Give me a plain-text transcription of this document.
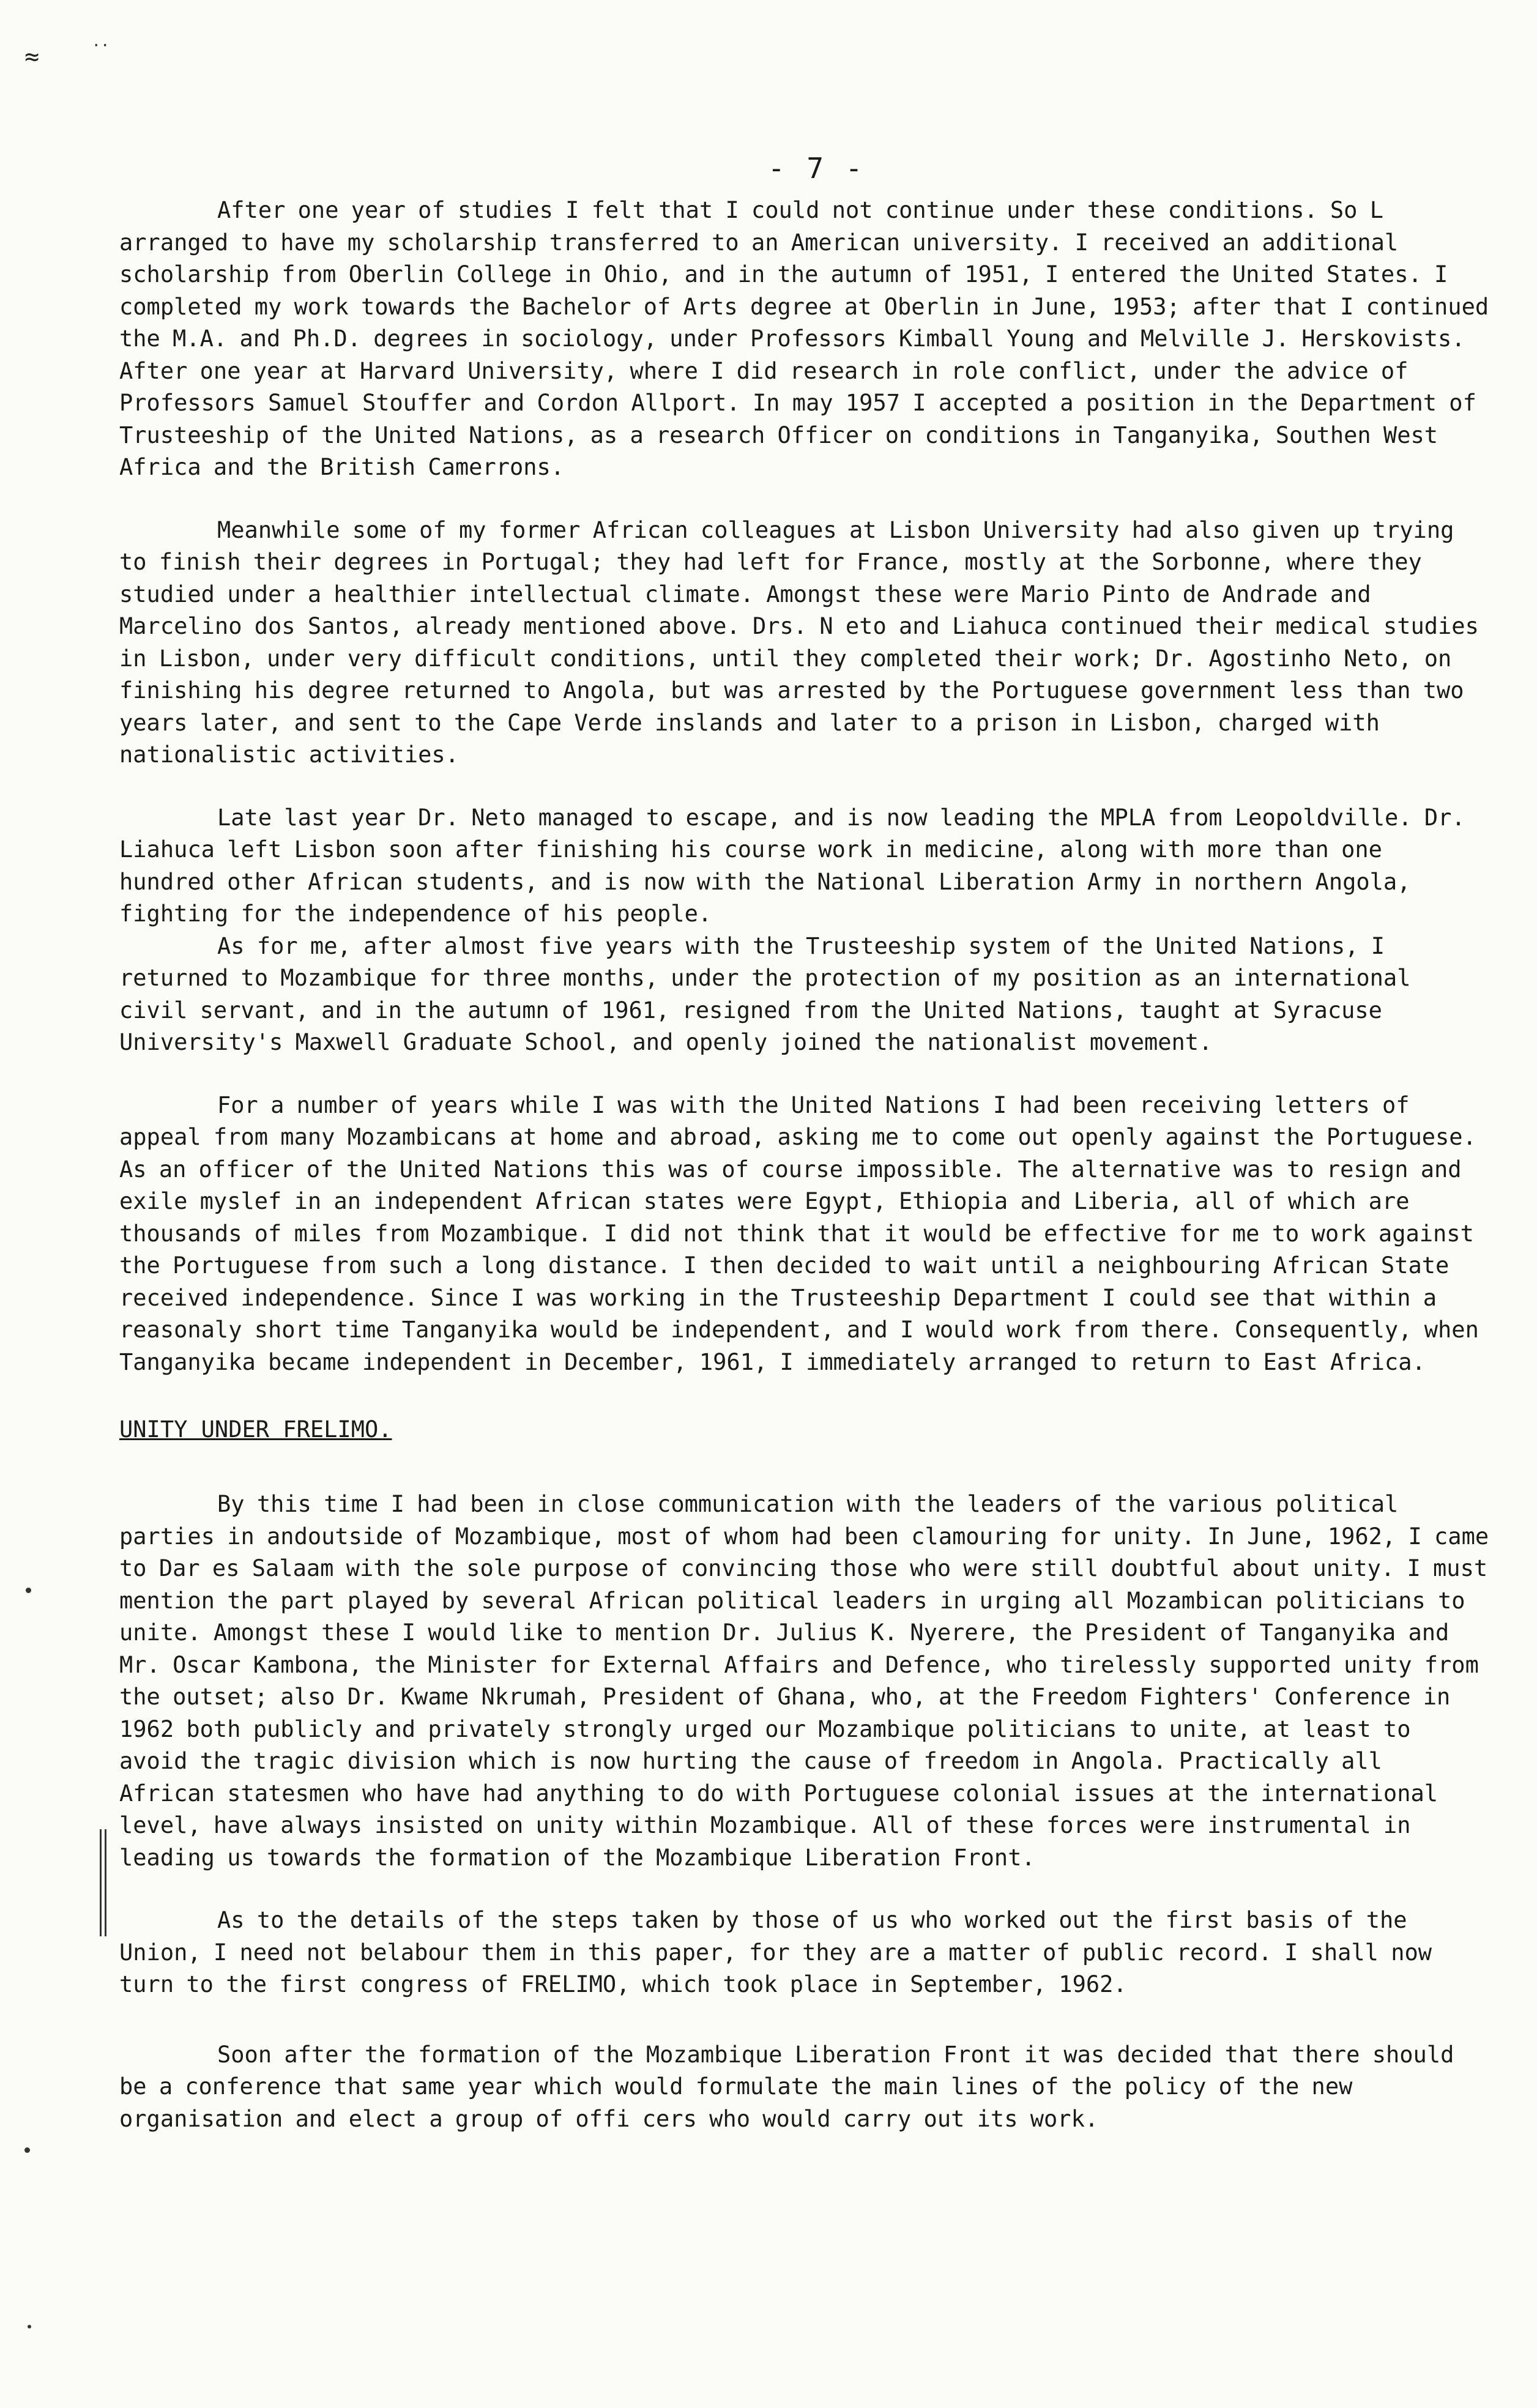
≈	··
- 7 -

After one year of studies I felt that I could not continue under these conditions. So L arranged to have my scholarship transferred to an American university. I received an additional scholarship from Oberlin College in Ohio, and in the autumn of 1951, I entered the United States. I completed my work towards the Bachelor of Arts degree at Oberlin in June, 1953; after that I continued the M.A. and Ph.D. degrees in sociology, under Professors Kimball Young and Melville J. Herskovists. After one year at Harvard University, where I did research in role conflict, under the advice of Professors Samuel Stouffer and Cordon Allport. In may 1957 I accepted a position in the Department of Trusteeship of the United Nations, as a research Officer on conditions in Tanganyika, Southen West Africa and the British Camerrons.

Meanwhile some of my former African colleagues at Lisbon University had also given up trying to finish their degrees in Portugal; they had left for France, mostly at the Sorbonne, where they studied under a healthier intellectual climate. Amongst these were Mario Pinto de Andrade and Marcelino dos Santos, already mentioned above. Drs. N eto and Liahuca continued their medical studies in Lisbon, under very difficult conditions, until they completed their work; Dr. Agostinho Neto, on finishing his degree returned to Angola, but was arrested by the Portuguese government less than two years later, and sent to the Cape Verde inslands and later to a prison in Lisbon, charged with nationalistic activities.

Late last year Dr. Neto managed to escape, and is now leading the MPLA from Leopoldville. Dr. Liahuca left Lisbon soon after finishing his course work in medicine, along with more than one hundred other African students, and is now with the National Liberation Army in northern Angola, fighting for the independence of his people.

As for me, after almost five years with the Trusteeship system of the United Nations, I returned to Mozambique for three months, under the protection of my position as an international civil servant, and in the autumn of 1961, resigned from the United Nations, taught at Syracuse University's Maxwell Graduate School, and openly joined the nationalist movement.

For a number of years while I was with the United Nations I had been receiving letters of appeal from many Mozambicans at home and abroad, asking me to come out openly against the Portuguese. As an officer of the United Nations this was of course impossible. The alternative was to resign and exile myslef in an independent African states were Egypt, Ethiopia and Liberia, all of which are thousands of miles from Mozambique. I did not think that it would be effective for me to work against the Portuguese from such a long distance. I then decided to wait until a neighbouring African State received independence. Since I was working in the Trusteeship Department I could see that within a reasonaly short time Tanganyika would be independent, and I would work from there. Consequently, when Tanganyika became independent in December, 1961, I immediately arranged to return to East Africa.

UNITY UNDER FRELIMO.

By this time I had been in close communication with the leaders of the various political parties in andoutside of Mozambique, most of whom had been clamouring for unity. In June, 1962, I came to Dar es Salaam with the sole purpose of convincing those who were still doubtful about unity. I must mention the part played by several African political leaders in urging all Mozambican politicians to unite. Amongst these I would like to mention Dr. Julius K. Nyerere, the President of Tanganyika and Mr. Oscar Kambona, the Minister for External Affairs and Defence, who tirelessly supported unity from the outset; also Dr. Kwame Nkrumah, President of Ghana, who, at the Freedom Fighters' Conference in 1962 both publicly and privately strongly urged our Mozambique politicians to unite, at least to avoid the tragic division which is now hurting the cause of freedom in Angola. Practically all African statesmen who have had anything to do with Portuguese colonial issues at the international level, have always insisted on unity within Mozambique. All of these forces were instrumental in leading us towards the formation of the Mozambique Liberation Front.

As to the details of the steps taken by those of us who worked out the first basis of the Union, I need not belabour them in this paper, for they are a matter of public record. I shall now turn to the first congress of FRELIMO, which took place in September, 1962.

Soon after the formation of the Mozambique Liberation Front it was decided that there should be a conference that same year which would formulate the main lines of the policy of the new organisation and elect a group of offi cers who would carry out its work.
